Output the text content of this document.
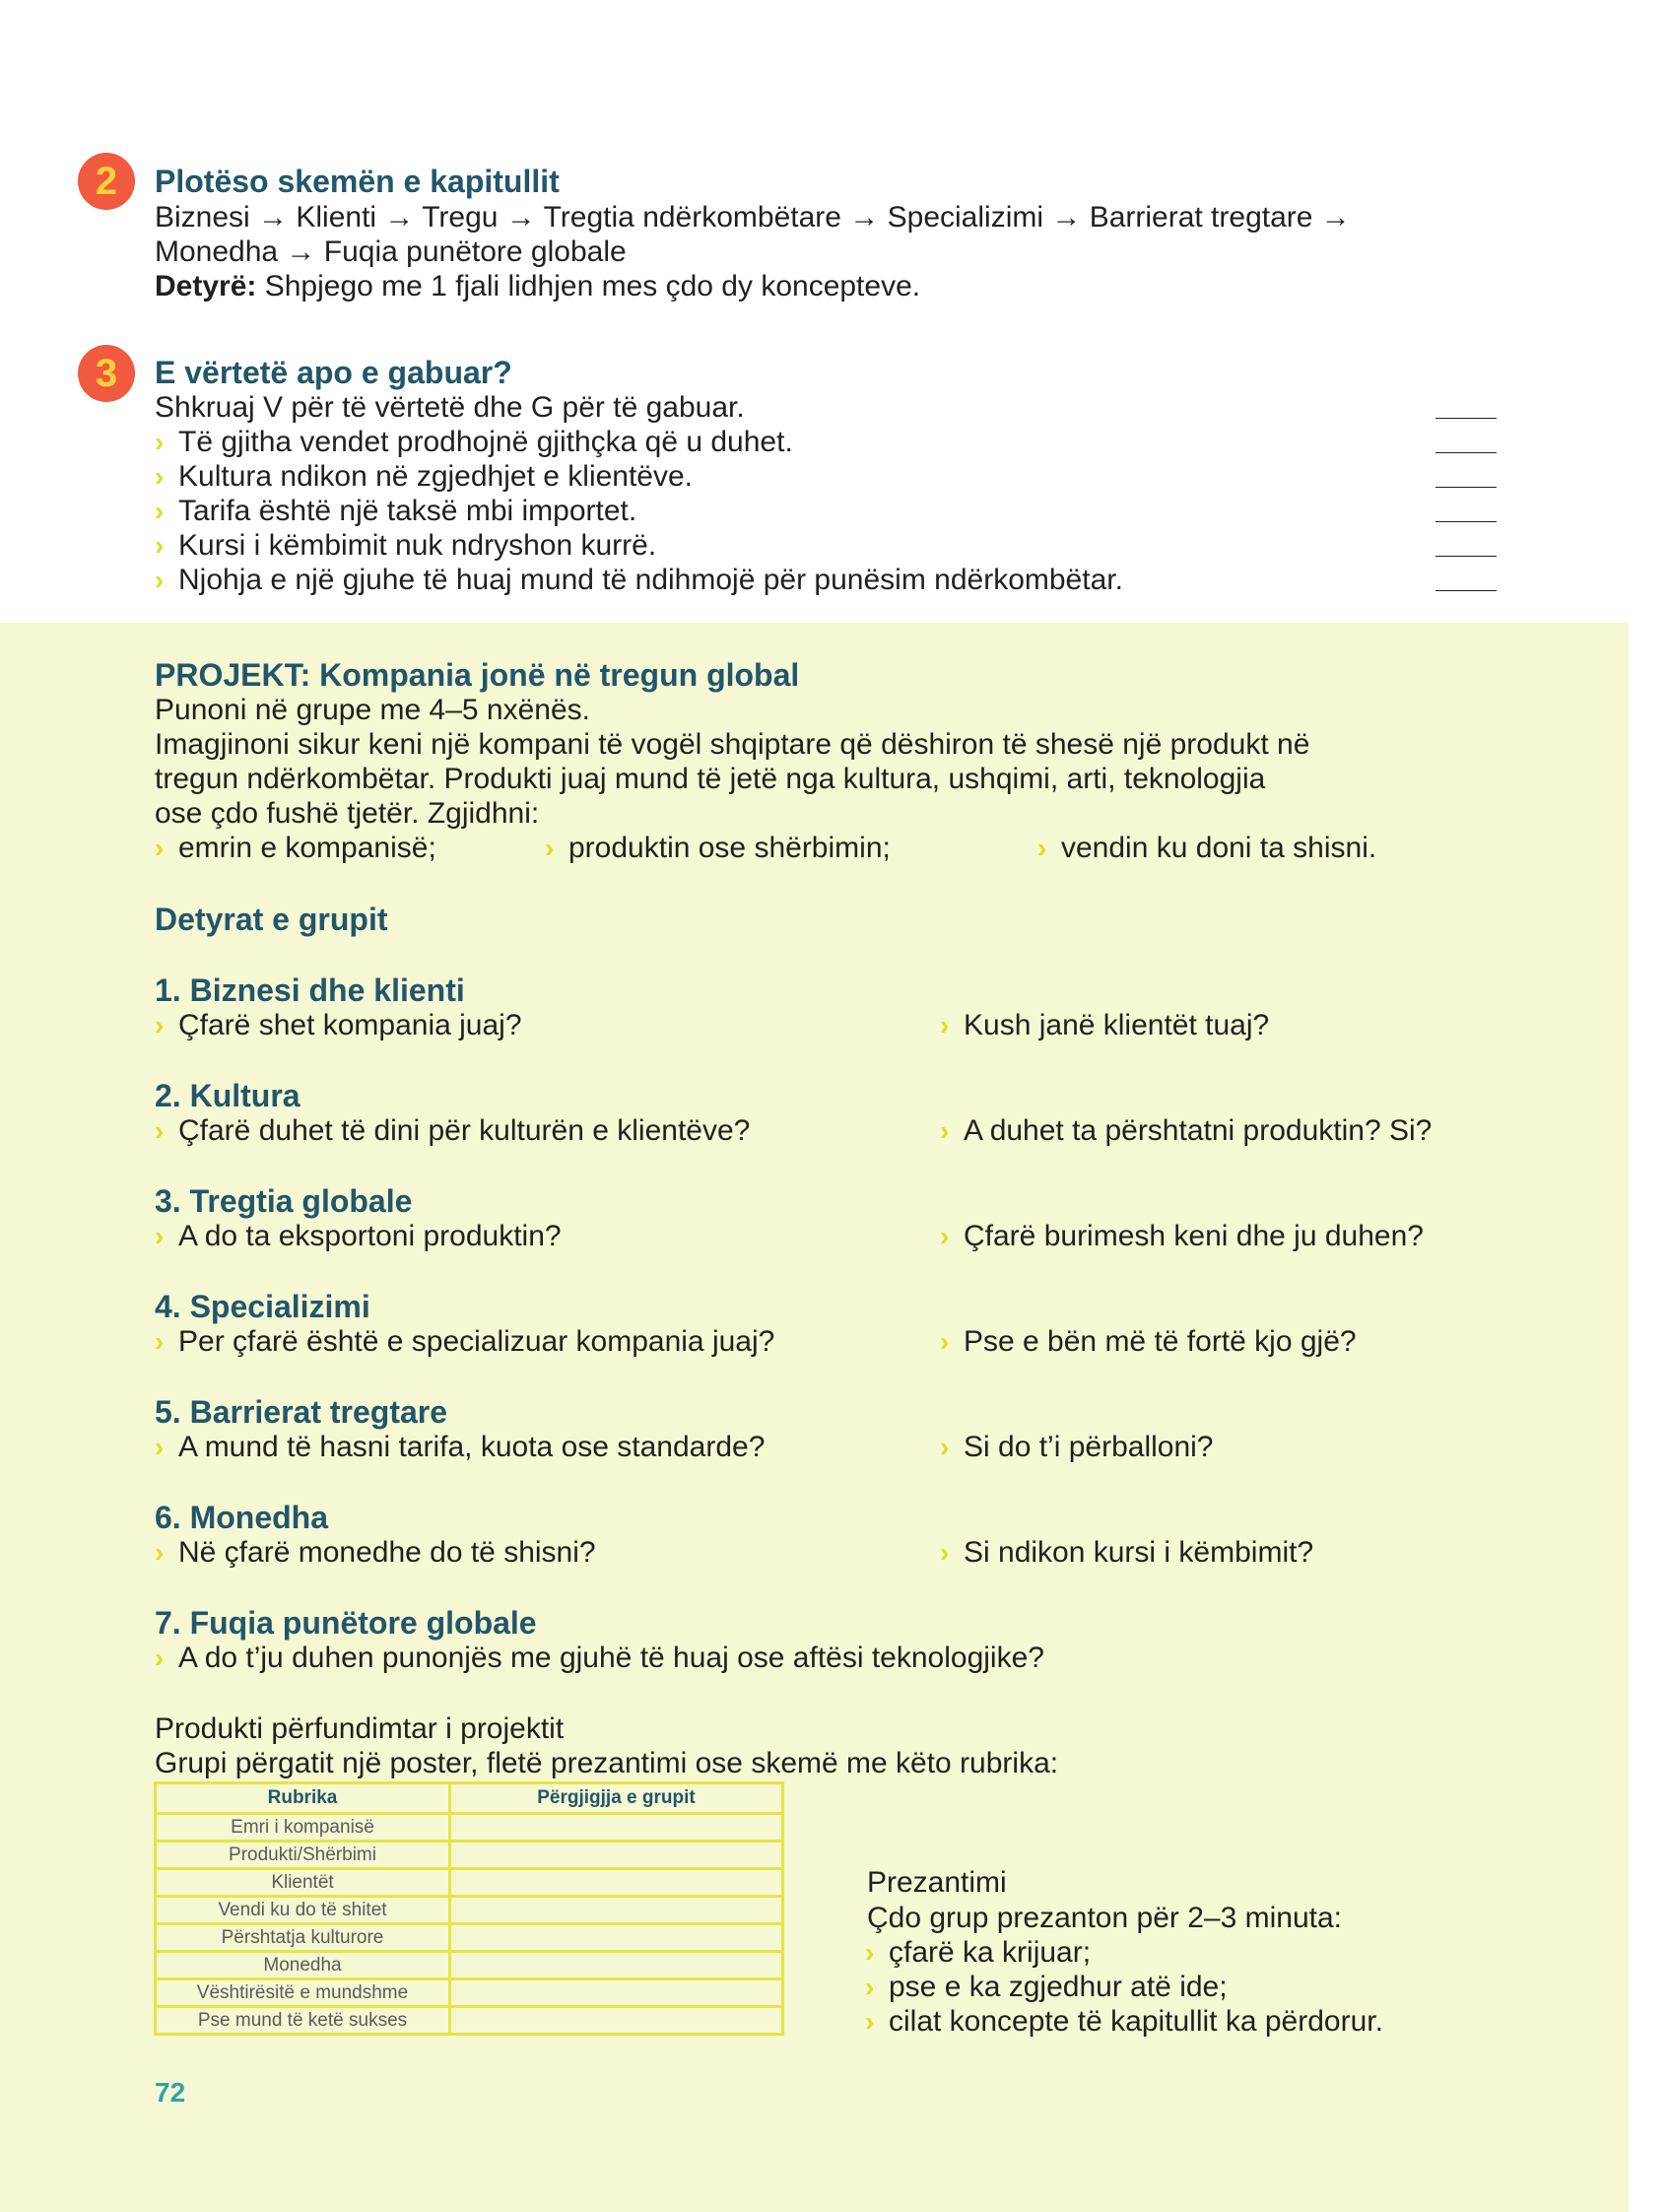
2	Plotëso skemën e kapitullit
Biznesi → Klienti → Tregu → Tregtia ndërkombëtare → Specializimi → Barrierat tregtare →
Monedha → Fuqia punëtore globale
Detyrë: Shpjego me 1 fjali lidhjen mes çdo dy koncepteve.
3	E vërtetë apo e gabuar?
Shkruaj V për të vërtetë dhe G për të gabuar.
› Të gjitha vendet prodhojnë gjithçka që u duhet.
› Kultura ndikon në zgjedhjet e klientëve.
› Tarifa është një taksë mbi importet.
› Kursi i këmbimit nuk ndryshon kurrë.
› Njohja e një gjuhe të huaj mund të ndihmojë për punësim ndërkombëtar.
PROJEKT: Kompania jonë në tregun global
Punoni në grupe me 4–5 nxënës.
Imagjinoni sikur keni një kompani të vogël shqiptare që dëshiron të shesë një produkt në
tregun ndërkombëtar. Produkti juaj mund të jetë nga kultura, ushqimi, arti, teknologjia
ose çdo fushë tjetër. Zgjidhni:
› emrin e kompanisë;	› produktin ose shërbimin;	› vendin ku doni ta shisni.
Detyrat e grupit
1. Biznesi dhe klienti
› Çfarë shet kompania juaj?	› Kush janë klientët tuaj?
2. Kultura
› Çfarë duhet të dini për kulturën e klientëve?	› A duhet ta përshtatni produktin? Si?
3. Tregtia globale
› A do ta eksportoni produktin?	› Çfarë burimesh keni dhe ju duhen?
4. Specializimi
› Per çfarë është e specializuar kompania juaj?	› Pse e bën më të fortë kjo gjë?
5. Barrierat tregtare
› A mund të hasni tarifa, kuota ose standarde?	› Si do t’i përballoni?
6. Monedha
› Në çfarë monedhe do të shisni?	› Si ndikon kursi i këmbimit?
7. Fuqia punëtore globale
› A do t’ju duhen punonjës me gjuhë të huaj ose aftësi teknologjike?
Produkti përfundimtar i projektit
Grupi përgatit një poster, fletë prezantimi ose skemë me këto rubrika:
Rubrika	Përgjigjja e grupit
Emri i kompanisë	
Produkti/Shërbimi	
Klientët	
Vendi ku do të shitet	
Përshtatja kulturore	
Monedha	
Vështirësitë e mundshme	
Pse mund të ketë sukses	
Prezantimi
Çdo grup prezanton për 2–3 minuta:
› çfarë ka krijuar;
› pse e ka zgjedhur atë ide;
› cilat koncepte të kapitullit ka përdorur.
72
